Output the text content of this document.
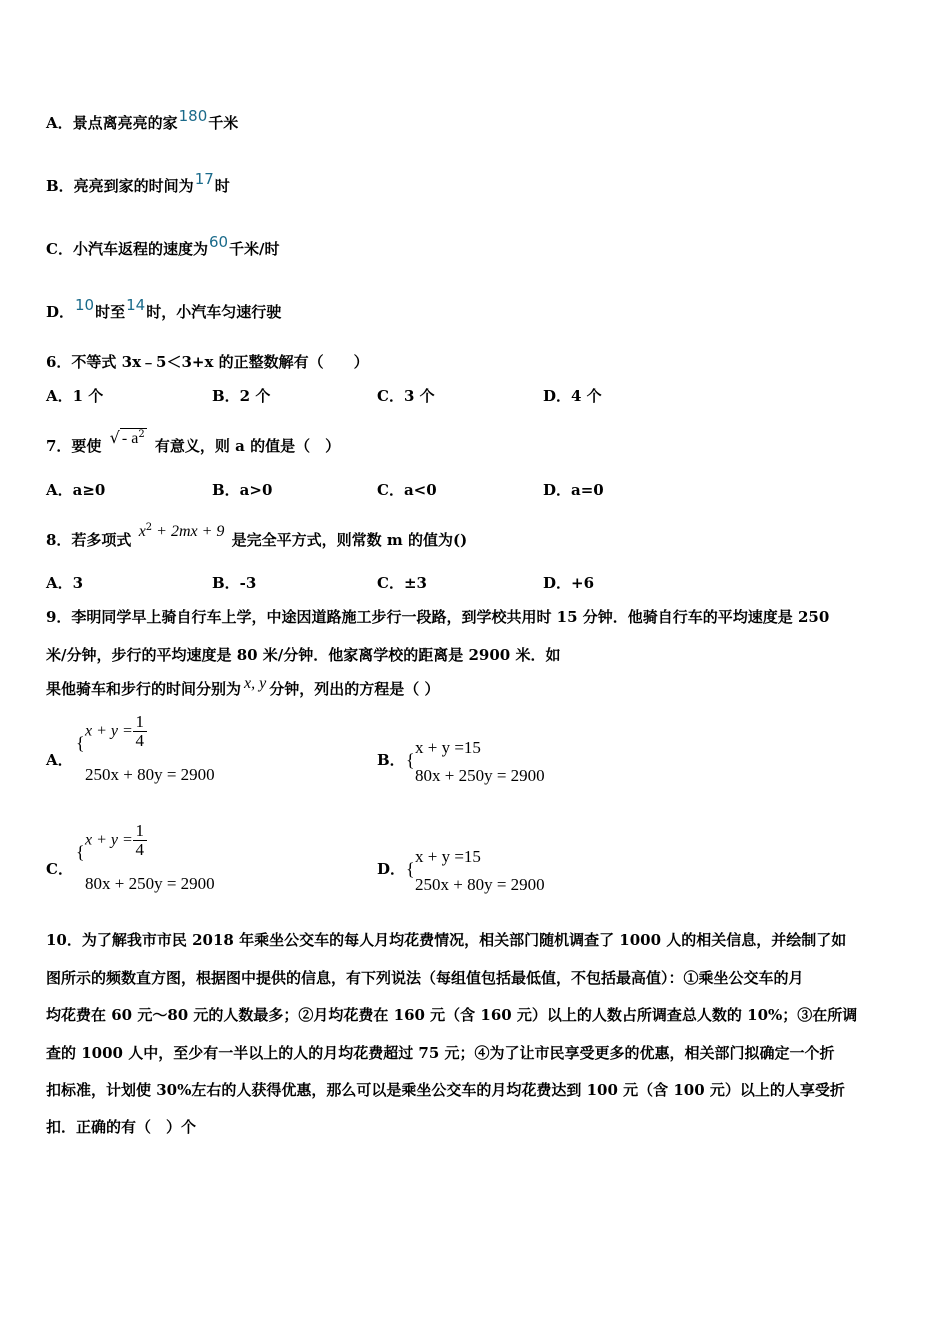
A．景点离亮亮的家180千米
B．亮亮到家的时间为17时
C．小汽车返程的速度为60千米/时
D．10时至14时，小汽车匀速行驶
6．不等式 3x﹣5＜3+x 的正整数解有（　　）
A．1 个	B．2 个	C．3 个	D．4 个
7．要使 √ - $a^2$ 有意义，则 a 的值是（　）
A．a≥0	B．a>0	C．a<0	D．a=0
8．若多项式 $x^2 + 2mx + 9$ 是完全平方式，则常数 m 的值为()
A．3	B．-3	C．±3	D．+6
9．李明同学早上骑自行车上学，中途因道路施工步行一段路，到学校共用时 15 分钟．他骑自行车的平均速度是 250
米/分钟，步行的平均速度是 80 米/分钟．他家离学校的距离是 2900 米．如
果他骑车和步行的时间分别为 x, y 分钟，列出的方程是（ ）
A．
{
$x + y = \frac{1}{4}$
250x + 80y = 2900
B． {
x + y =15
80x + 250y = 2900
C．
{
$x + y = \frac{1}{4}$
80x + 250y = 2900
D． {
x + y =15
250x + 80y = 2900
10．为了解我市市民 2018 年乘坐公交车的每人月均花费情况，相关部门随机调查了 1000 人的相关信息，并绘制了如
图所示的频数直方图，根据图中提供的信息，有下列说法（每组值包括最低值，不包括最高值）：①乘坐公交车的月
均花费在 60 元～80 元的人数最多；②月均花费在 160 元（含 160 元）以上的人数占所调查总人数的 10%；③在所调
查的 1000 人中，至少有一半以上的人的月均花费超过 75 元；④为了让市民享受更多的优惠，相关部门拟确定一个折
扣标准，计划使 30%左右的人获得优惠，那么可以是乘坐公交车的月均花费达到 100 元（含 100 元）以上的人享受折
扣．正确的有（　）个
